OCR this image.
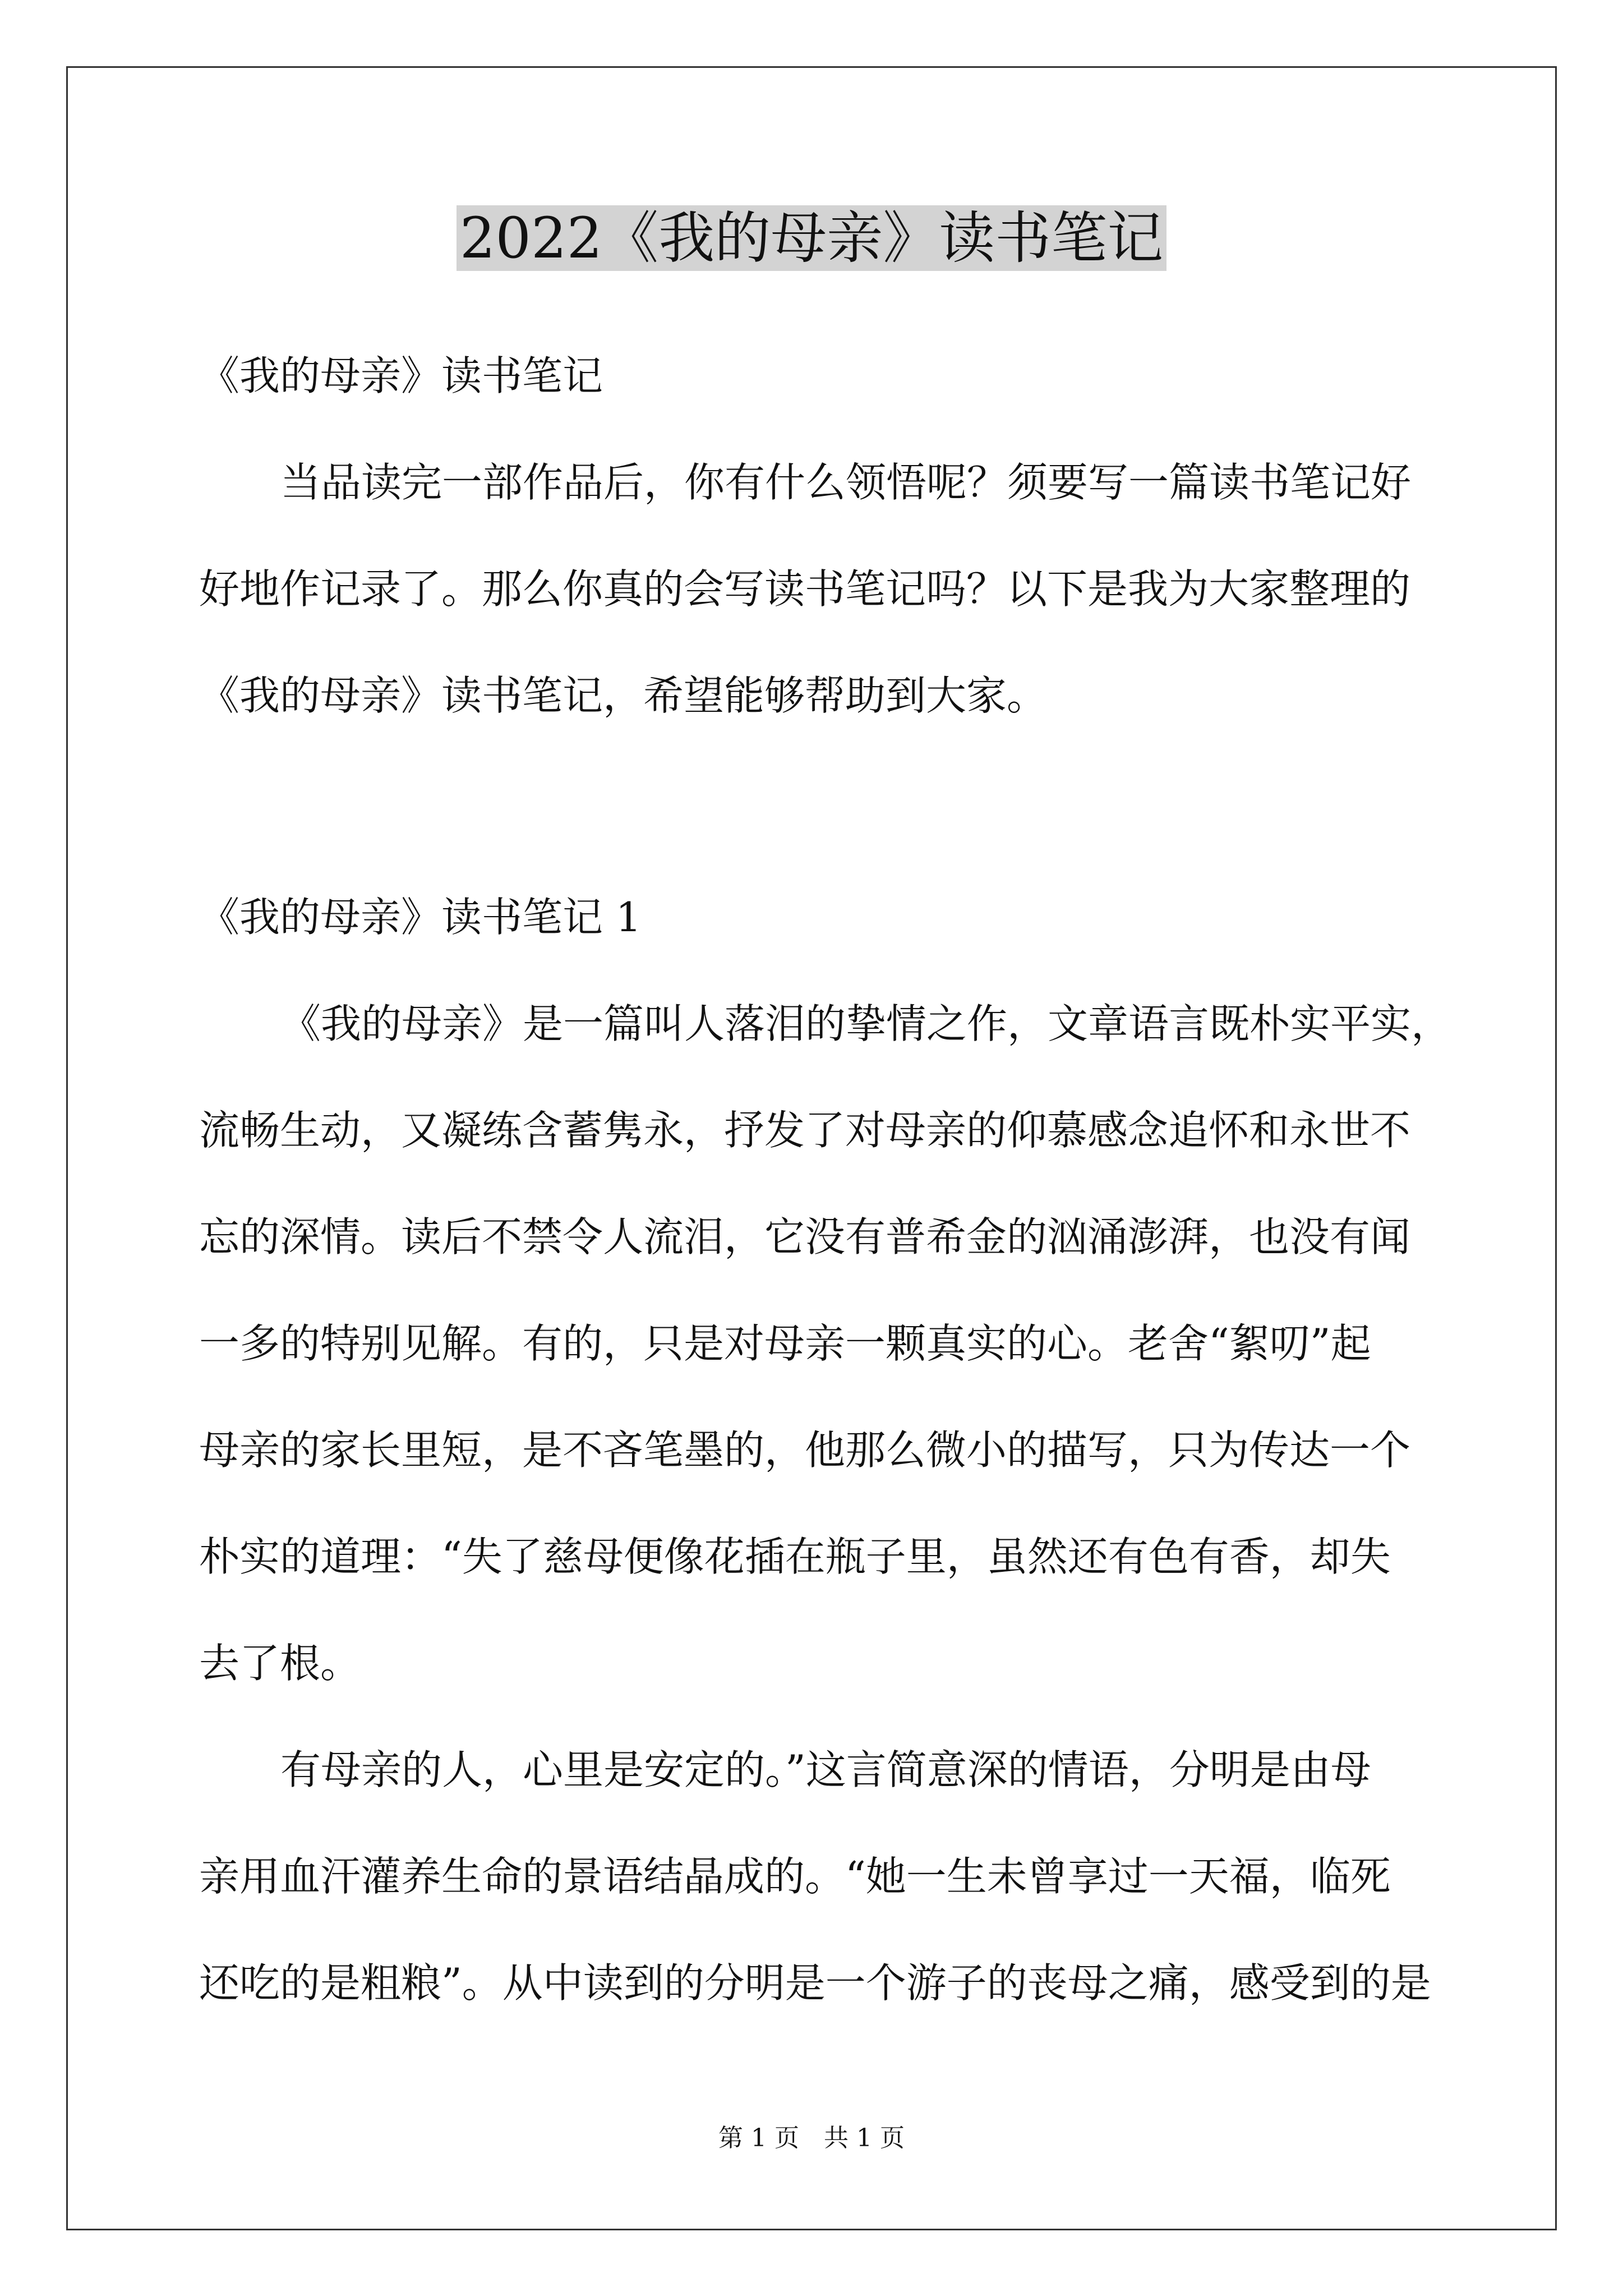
2022《我的母亲》读书笔记
《我的母亲》读书笔记
当品读完一部作品后，你有什么领悟呢？须要写一篇读书笔记好
好地作记录了。那么你真的会写读书笔记吗？以下是我为大家整理的
《我的母亲》读书笔记，希望能够帮助到大家。
《我的母亲》读书笔记 1
《我的母亲》是一篇叫人落泪的挚情之作，文章语言既朴实平实，
流畅生动，又凝练含蓄隽永，抒发了对母亲的仰慕感念追怀和永世不
忘的深情。读后不禁令人流泪，它没有普希金的汹涌澎湃，也没有闻
一多的特别见解。有的，只是对母亲一颗真实的心。老舍“絮叨”起
母亲的家长里短，是不吝笔墨的，他那么微小的描写，只为传达一个
朴实的道理：“失了慈母便像花插在瓶子里，虽然还有色有香，却失
去了根。
有母亲的人，心里是安定的。”这言简意深的情语，分明是由母
亲用血汗灌养生命的景语结晶成的。“她一生未曾享过一天福，临死
还吃的是粗粮”。从中读到的分明是一个游子的丧母之痛，感受到的是
第 1 页 共 1 页
